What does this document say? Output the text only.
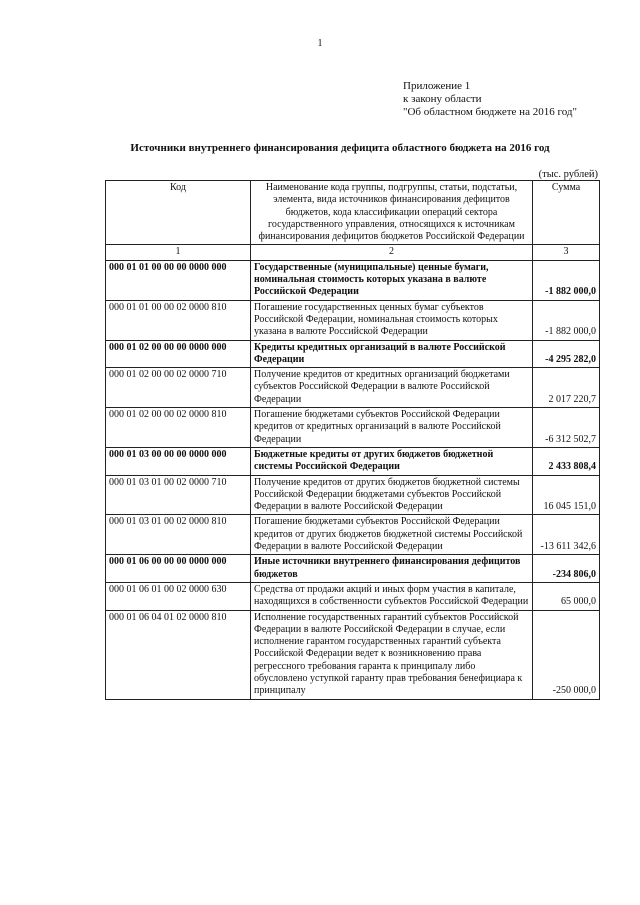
1
Приложение 1
к закону области
"Об областном бюджете на 2016 год"
Источники внутреннего финансирования дефицита областного бюджета на 2016 год
(тыс. рублей)
Код	Наименование кода группы, подгруппы, статьи, подстатьи, элемента, вида источников финансирования дефицитов бюджетов, кода классификации операций сектора государственного управления, относящихся к источникам финансирования дефицитов бюджетов Российской Федерации	Сумма
1	2	3
000 01 01 00 00 00 0000 000	Государственные (муниципальные) ценные бумаги, номинальная стоимость которых указана в валюте Российской Федерации	-1 882 000,0
000 01 01 00 00 02 0000 810	Погашение государственных ценных бумаг субъектов Российской Федерации, номинальная стоимость которых указана в валюте Российской Федерации	-1 882 000,0
000 01 02 00 00 00 0000 000	Кредиты кредитных организаций в валюте Российской Федерации	-4 295 282,0
000 01 02 00 00 02 0000 710	Получение кредитов от кредитных организаций бюджетами субъектов Российской Федерации в валюте Российской Федерации	2 017 220,7
000 01 02 00 00 02 0000 810	Погашение бюджетами субъектов Российской Федерации кредитов от кредитных организаций в валюте Российской Федерации	-6 312 502,7
000 01 03 00 00 00 0000 000	Бюджетные кредиты от других бюджетов бюджетной системы Российской Федерации	2 433 808,4
000 01 03 01 00 02 0000 710	Получение кредитов от других бюджетов бюджетной системы Российской Федерации бюджетами субъектов Российской Федерации в валюте Российской Федерации	16 045 151,0
000 01 03 01 00 02 0000 810	Погашение бюджетами субъектов Российской Федерации кредитов от других бюджетов бюджетной системы Российской Федерации в валюте Российской Федерации	-13 611 342,6
000 01 06 00 00 00 0000 000	Иные источники внутреннего финансирования дефицитов бюджетов	-234 806,0
000 01 06 01 00 02 0000 630	Средства от продажи акций и иных форм участия в капитале, находящихся в собственности субъектов Российской Федерации	65 000,0
000 01 06 04 01 02 0000 810	Исполнение государственных гарантий субъектов Российской Федерации в валюте Российской Федерации в случае, если исполнение гарантом государственных гарантий субъекта Российской Федерации ведет к возникновению права регрессного требования гаранта к принципалу либо обусловлено уступкой гаранту прав требования бенефициара к принципалу	-250 000,0
